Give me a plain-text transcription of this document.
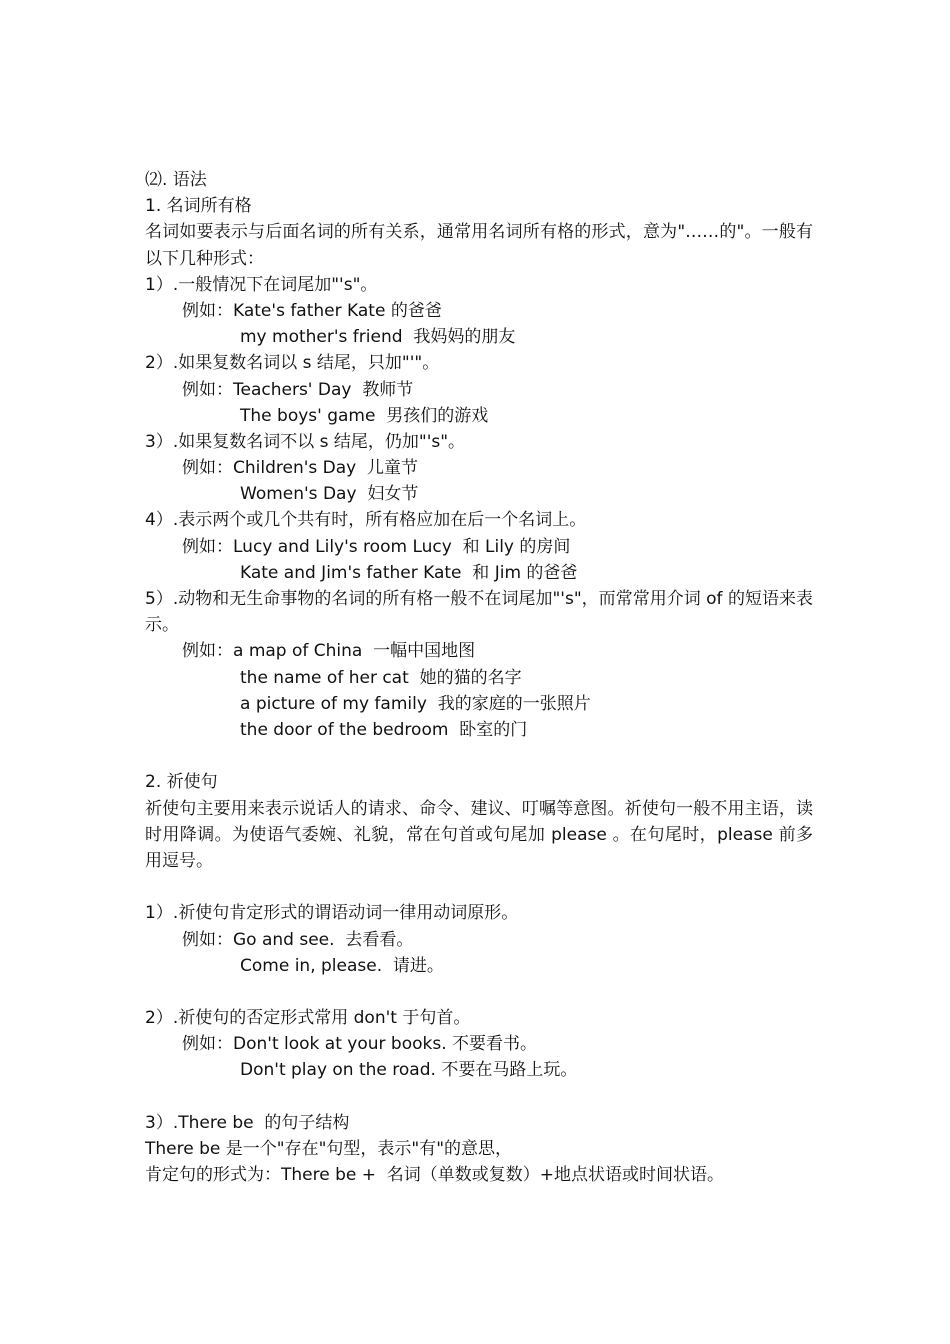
⑵. 语法
1. 名词所有格
名词如要表示与后面名词的所有关系，通常用名词所有格的形式，意为"……的"。一般有以下几种形式：
1）.一般情况下在词尾加"'s"。
例如：Kate's father Kate 的爸爸
my mother's friend  我妈妈的朋友
2）.如果复数名词以 s 结尾，只加"'"。
例如：Teachers' Day  教师节
The boys' game  男孩们的游戏
3）.如果复数名词不以 s 结尾，仍加"'s"。
例如：Children's Day  儿童节
Women's Day  妇女节
4）.表示两个或几个共有时，所有格应加在后一个名词上。
例如：Lucy and Lily's room Lucy  和 Lily 的房间
Kate and Jim's father Kate  和 Jim 的爸爸
5）.动物和无生命事物的名词的所有格一般不在词尾加"'s"，而常常用介词 of 的短语来表示。
例如：a map of China  一幅中国地图
the name of her cat  她的猫的名字
a picture of my family  我的家庭的一张照片
the door of the bedroom  卧室的门
2. 祈使句
祈使句主要用来表示说话人的请求、命令、建议、叮嘱等意图。祈使句一般不用主语，读时用降调。为使语气委婉、礼貌，常在句首或句尾加 please 。在句尾时，please 前多用逗号。
1）.祈使句肯定形式的谓语动词一律用动词原形。
例如：Go and see.  去看看。
Come in, please.  请进。
2）.祈使句的否定形式常用 don't 于句首。
例如：Don't look at your books. 不要看书。
Don't play on the road. 不要在马路上玩。
3）.There be  的句子结构
There be 是一个"存在"句型，表示"有"的意思，
肯定句的形式为：There be +  名词（单数或复数）+地点状语或时间状语。
